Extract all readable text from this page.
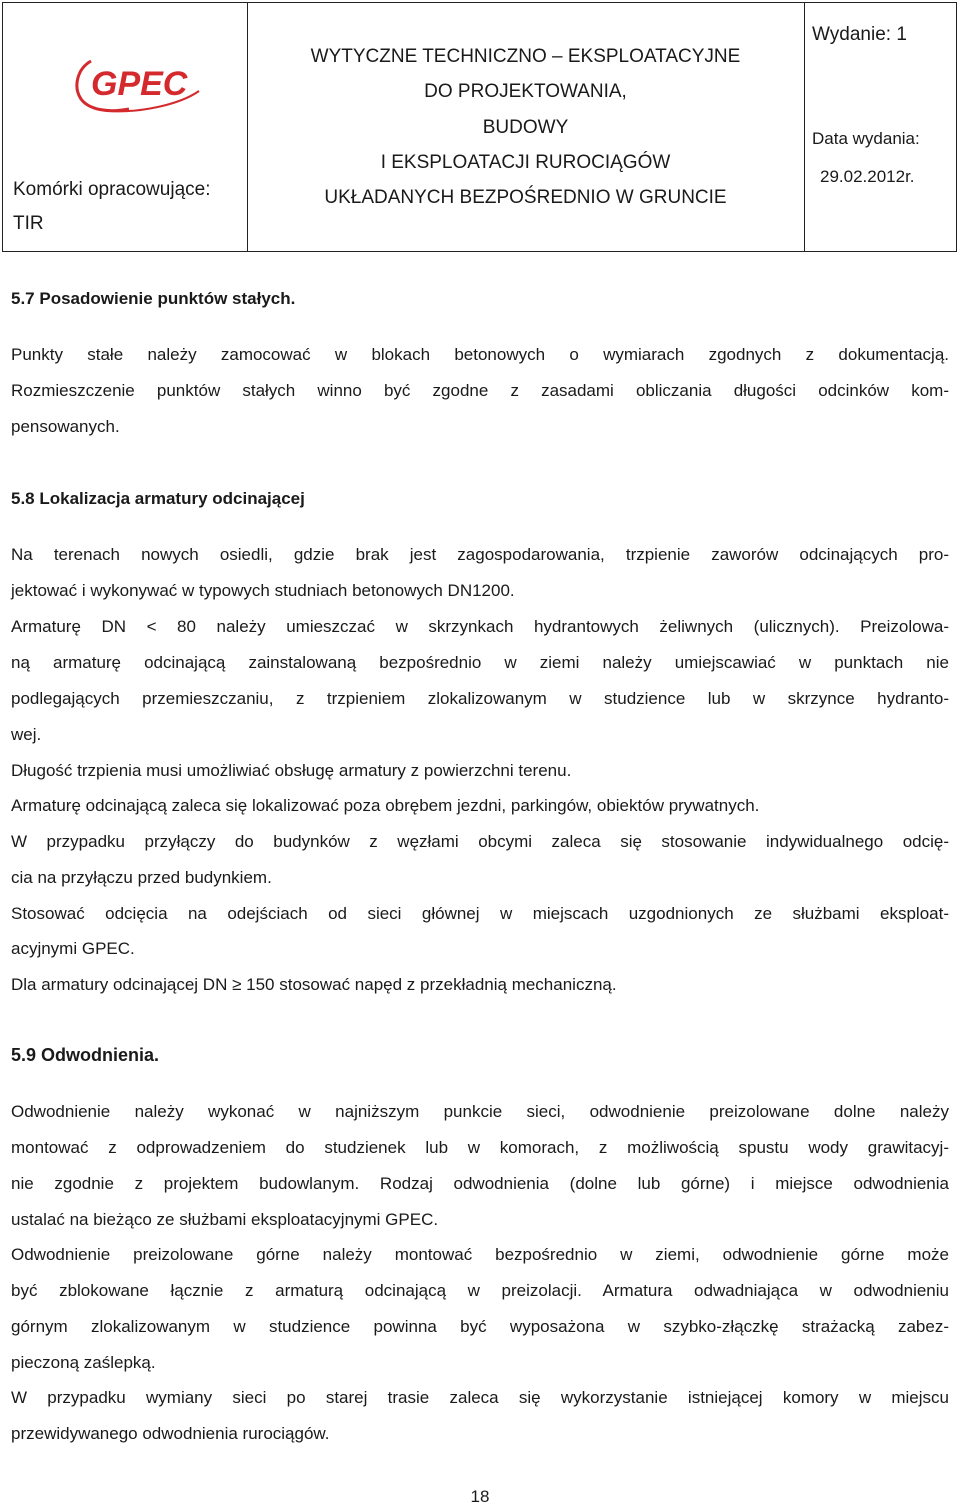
GPEC
Komórki opracowujące:
TIR
WYTYCZNE TECHNICZNO – EKSPLOATACYJNE
DO PROJEKTOWANIA,
BUDOWY
I EKSPLOATACJI RUROCIĄGÓW
UKŁADANYCH BEZPOŚREDNIO W GRUNCIE
Wydanie: 1
Data wydania:
29.02.2012r.
5.7 Posadowienie punktów stałych.
Punkty stałe należy zamocować w blokach betonowych o wymiarach zgodnych z dokumentacją.
Rozmieszczenie punktów stałych winno być zgodne z zasadami obliczania długości odcinków kom-
pensowanych.
5.8 Lokalizacja armatury odcinającej
Na terenach nowych osiedli, gdzie brak jest zagospodarowania, trzpienie zaworów odcinających pro-
jektować i wykonywać w typowych studniach betonowych DN1200.
Armaturę DN < 80 należy umieszczać w skrzynkach hydrantowych żeliwnych (ulicznych). Preizolowa-
ną armaturę odcinającą zainstalowaną bezpośrednio w ziemi należy umiejscawiać w punktach nie
podlegających przemieszczaniu, z trzpieniem zlokalizowanym w studzience lub w skrzynce hydranto-
wej.
Długość trzpienia musi umożliwiać obsługę armatury z powierzchni terenu.
Armaturę odcinającą zaleca się lokalizować poza obrębem jezdni, parkingów, obiektów prywatnych.
W przypadku przyłączy do budynków z węzłami obcymi zaleca się stosowanie indywidualnego odcię-
cia na przyłączu przed budynkiem.
Stosować odcięcia na odejściach od sieci głównej w miejscach uzgodnionych ze służbami eksploat-
acyjnymi GPEC.
Dla armatury odcinającej DN ≥ 150 stosować napęd z przekładnią mechaniczną.
5.9 Odwodnienia.
Odwodnienie należy wykonać w najniższym punkcie sieci, odwodnienie preizolowane dolne należy
montować z odprowadzeniem do studzienek lub w komorach, z możliwością spustu wody grawitacyj-
nie zgodnie z projektem budowlanym. Rodzaj odwodnienia (dolne lub górne) i miejsce odwodnienia
ustalać na bieżąco ze służbami eksploatacyjnymi GPEC.
Odwodnienie preizolowane górne należy montować bezpośrednio w ziemi, odwodnienie górne może
być zblokowane łącznie z armaturą odcinającą w preizolacji. Armatura odwadniająca w odwodnieniu
górnym zlokalizowanym w studzience powinna być wyposażona w szybko-złączkę strażacką zabez-
pieczoną zaślepką.
W przypadku wymiany sieci po starej trasie zaleca się wykorzystanie istniejącej komory w miejscu
przewidywanego odwodnienia rurociągów.
18
